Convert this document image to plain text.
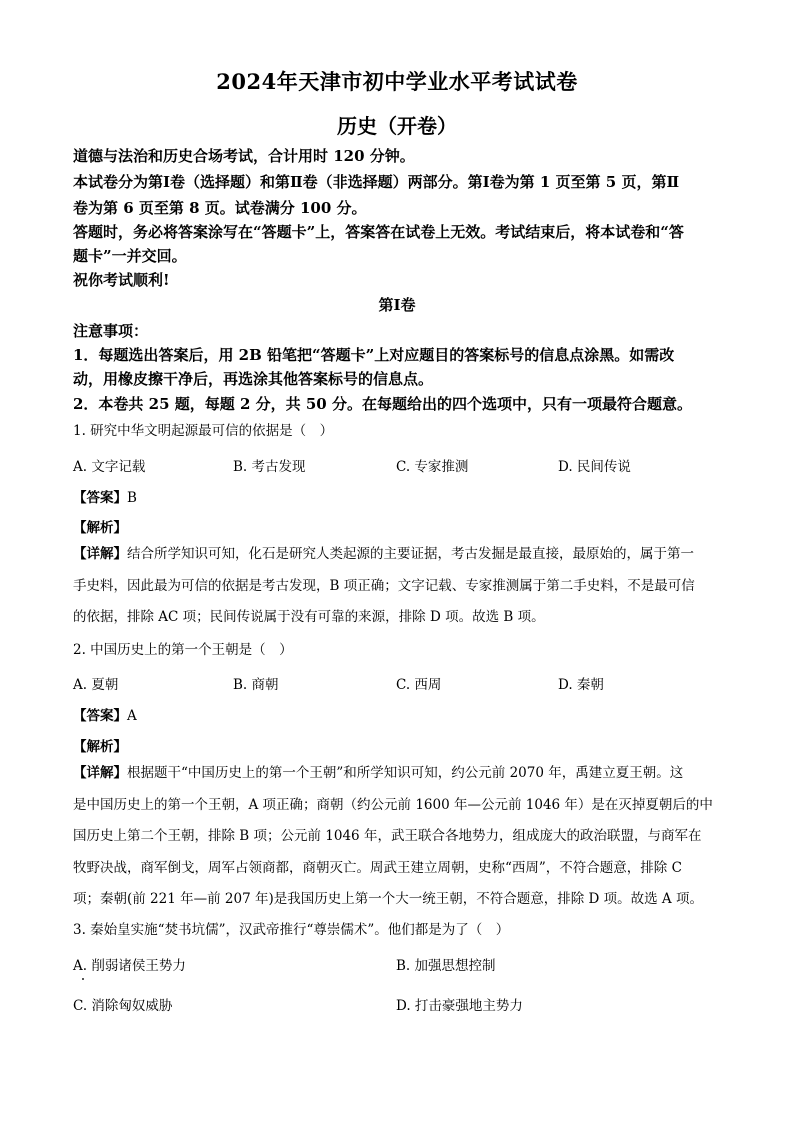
2024年天津市初中学业水平考试试卷
历史（开卷）
道德与法治和历史合场考试，合计用时 120 分钟。
本试卷分为第Ⅰ卷（选择题）和第Ⅱ卷（非选择题）两部分。第Ⅰ卷为第 1 页至第 5 页，第Ⅱ
卷为第 6 页至第 8 页。试卷满分 100 分。
答题时，务必将答案涂写在“答题卡”上，答案答在试卷上无效。考试结束后，将本试卷和“答
题卡”一并交回。
祝你考试顺利!
第Ⅰ卷
注意事项：
1．每题选出答案后，用 2B 铅笔把“答题卡”上对应题目的答案标号的信息点涂黑。如需改
动，用橡皮擦干净后，再选涂其他答案标号的信息点。
2．本卷共 25 题，每题 2 分，共 50 分。在每题给出的四个选项中，只有一项最符合题意。
1. 研究中华文明起源最可信的依据是（　）
A. 文字记载	B. 考古发现	C. 专家推测	D. 民间传说
【答案】B
【解析】
【详解】结合所学知识可知，化石是研究人类起源的主要证据，考古发掘是最直接，最原始的，属于第一
手史料，因此最为可信的依据是考古发现，B 项正确；文字记载、专家推测属于第二手史料，不是最可信
的依据，排除 AC 项；民间传说属于没有可靠的来源，排除 D 项。故选 B 项。
2. 中国历史上的第一个王朝是（　）
A. 夏朝	B. 商朝	C. 西周	D. 秦朝
【答案】A
【解析】
【详解】根据题干“中国历史上的第一个王朝”和所学知识可知，约公元前 2070 年，禹建立夏王朝。这
是中国历史上的第一个王朝，A 项正确；商朝（约公元前 1600 年—公元前 1046 年）是在灭掉夏朝后的中
国历史上第二个王朝，排除 B 项；公元前 1046 年，武王联合各地势力，组成庞大的政治联盟，与商军在
牧野决战，商军倒戈，周军占领商都，商朝灭亡。周武王建立周朝，史称“西周”，不符合题意，排除 C
项；秦朝(前 221 年—前 207 年)是我国历史上第一个大一统王朝，不符合题意，排除 D 项。故选 A 项。
3. 秦始皇实施“焚书坑儒”，汉武帝推行“尊崇儒术”。他们都是为了（　）
A. 削弱诸侯王势力	B. 加强思想控制
C. 消除匈奴威胁	D. 打击豪强地主势力
